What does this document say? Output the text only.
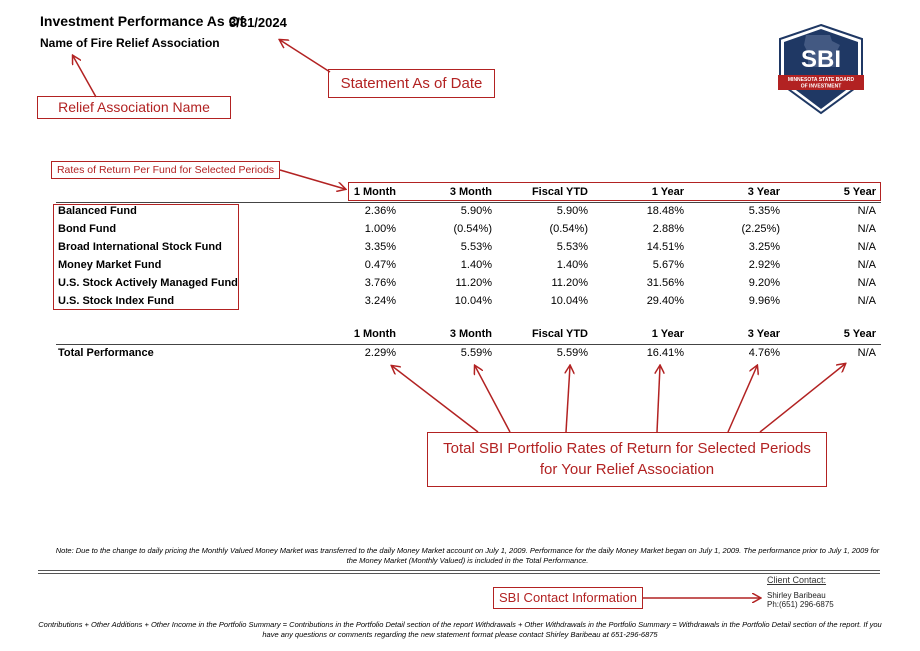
Investment Performance As Of
3/31/2024
Name of Fire Relief Association
SBI
MINNESOTA STATE BOARD
OF INVESTMENT
Statement As of Date
Relief Association Name
Rates of Return Per Fund for Selected Periods
Total SBI Portfolio Rates of Return for Selected Periods
for Your Relief Association
SBI Contact Information
1 Month	3 Month	Fiscal YTD	1 Year	3 Year	5 Year
Balanced Fund	2.36%	5.90%	5.90%	18.48%	5.35%	N/A
Bond Fund	1.00%	(0.54%)	(0.54%)	2.88%	(2.25%)	N/A
Broad International Stock Fund	3.35%	5.53%	5.53%	14.51%	3.25%	N/A
Money Market Fund	0.47%	1.40%	1.40%	5.67%	2.92%	N/A
U.S. Stock Actively Managed Fund	3.76%	11.20%	11.20%	31.56%	9.20%	N/A
U.S. Stock Index Fund	3.24%	10.04%	10.04%	29.40%	9.96%	N/A
1 Month	3 Month	Fiscal YTD	1 Year	3 Year	5 Year
Total Performance	2.29%	5.59%	5.59%	16.41%	4.76%	N/A
Note: Due to the change to daily pricing the Monthly Valued Money Market was transferred to the daily Money Market account on July 1, 2009. Performance for the daily Money Market began on July 1, 2009. The performance prior to July 1, 2009 for the Money Market (Monthly Valued) is included in the Total Performance.
Client Contact:
Shirley Baribeau
Ph:(651) 296-6875
Contributions + Other Additions + Other Income in the Portfolio Summary = Contributions in the Portfolio Detail section of the report Withdrawals + Other Withdrawals in the Portfolio Summary = Withdrawals in the Portfolio Detail section of the report. If you have any questions or comments regarding the new statement format please contact Shirley Baribeau at 651-296-6875
